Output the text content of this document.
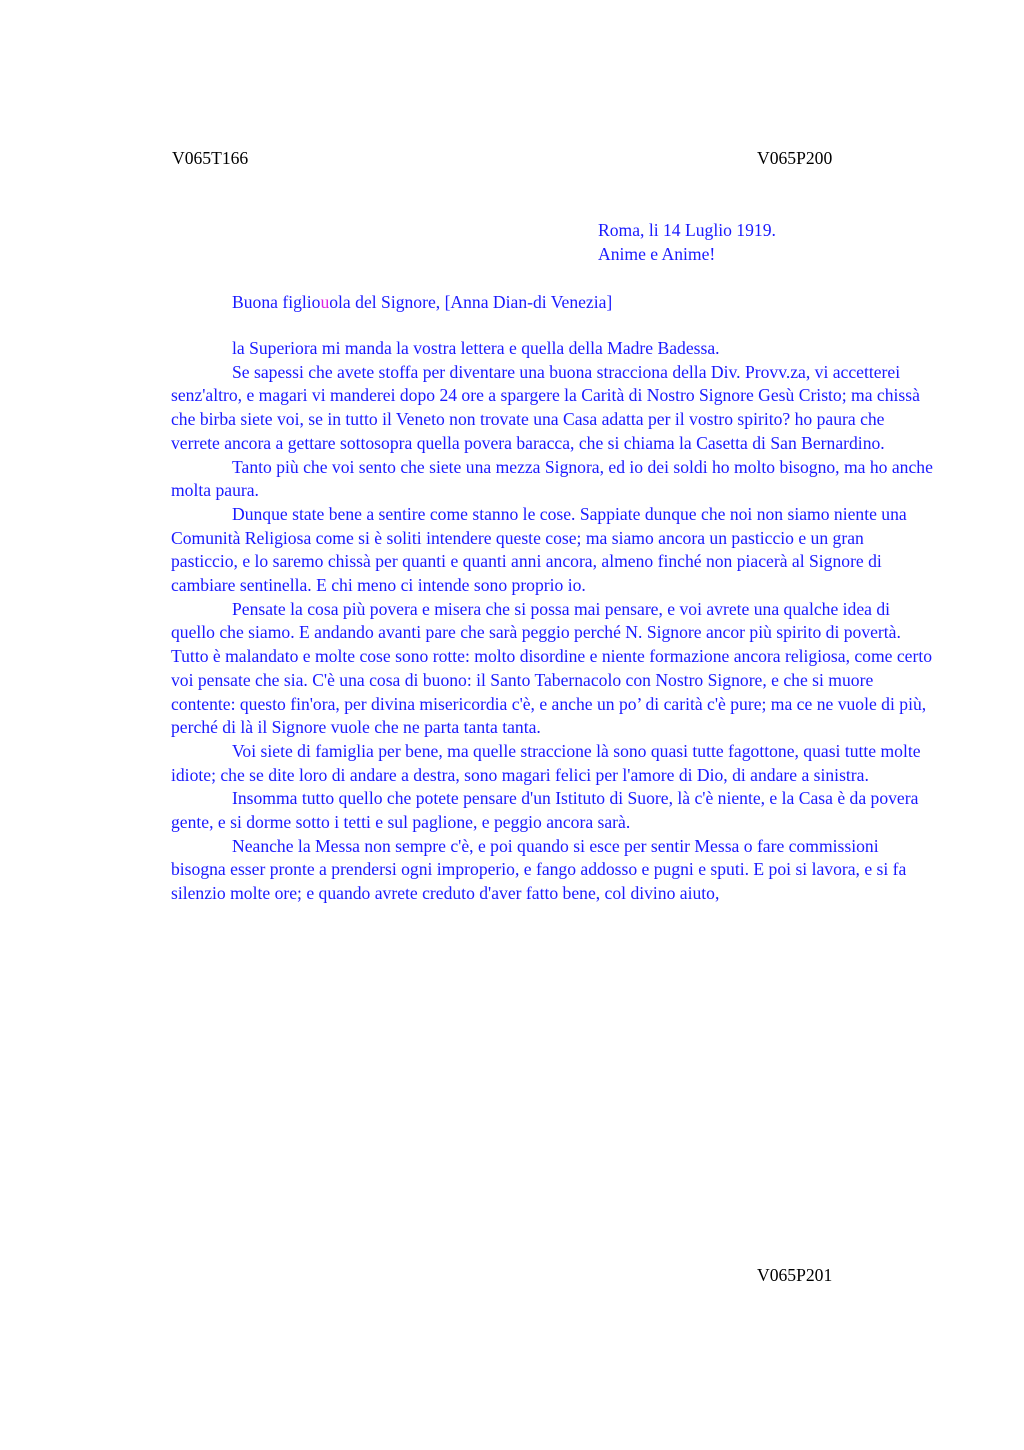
V065T166	V065P200
Roma, li 14 Luglio 1919.
Anime e Anime!
Buona figliouola del Signore, [Anna Dian-di Venezia]

la Superiora mi manda la vostra lettera e quella della Madre Badessa.

Se sapessi che avete stoffa per diventare una buona stracciona della Div. Provv.za, vi accetterei senz'altro, e magari vi manderei dopo 24 ore a spargere la Carità di Nostro Signore Gesù Cristo; ma chissà che birba siete voi, se in tutto il Veneto non trovate una Casa adatta per il vostro spirito? ho paura che verrete ancora a gettare sottosopra quella povera baracca, che si chiama la Casetta di San Bernardino.

Tanto più che voi sento che siete una mezza Signora, ed io dei soldi ho molto bisogno, ma ho anche molta paura.

Dunque state bene a sentire come stanno le cose. Sappiate dunque che noi non siamo niente una Comunità Religiosa come si è soliti intendere queste cose; ma siamo ancora un pasticcio e un gran pasticcio, e lo saremo chissà per quanti e quanti anni ancora, almeno finché non piacerà al Signore di cambiare sentinella. E chi meno ci intende sono proprio io.

Pensate la cosa più povera e misera che si possa mai pensare, e voi avrete una qualche idea di quello che siamo. E andando avanti pare che sarà peggio perché N. Signore ancor più spirito di povertà. Tutto è malandato e molte cose sono rotte: molto disordine e niente formazione ancora religiosa, come certo voi pensate che sia. C'è una cosa di buono: il Santo Tabernacolo con Nostro Signore, e che si muore contente: questo fin'ora, per divina misericordia c'è, e anche un po’ di carità c'è pure; ma ce ne vuole di più, perché di là il Signore vuole che ne parta tanta tanta.

Voi siete di famiglia per bene, ma quelle straccione là sono quasi tutte fagottone, quasi tutte molte idiote; che se dite loro di andare a destra, sono magari felici per l'amore di Dio, di andare a sinistra.

Insomma tutto quello che potete pensare d'un Istituto di Suore, là c'è niente, e la Casa è da povera gente, e si dorme sotto i tetti e sul paglione, e peggio ancora sarà.

Neanche la Messa non sempre c'è, e poi quando si esce per sentir Messa o fare commissioni bisogna esser pronte a prendersi ogni improperio, e fango addosso e pugni e sputi. E poi si lavora, e si fa silenzio molte ore; e quando avrete creduto d'aver fatto bene, col divino aiuto,

V065P201
